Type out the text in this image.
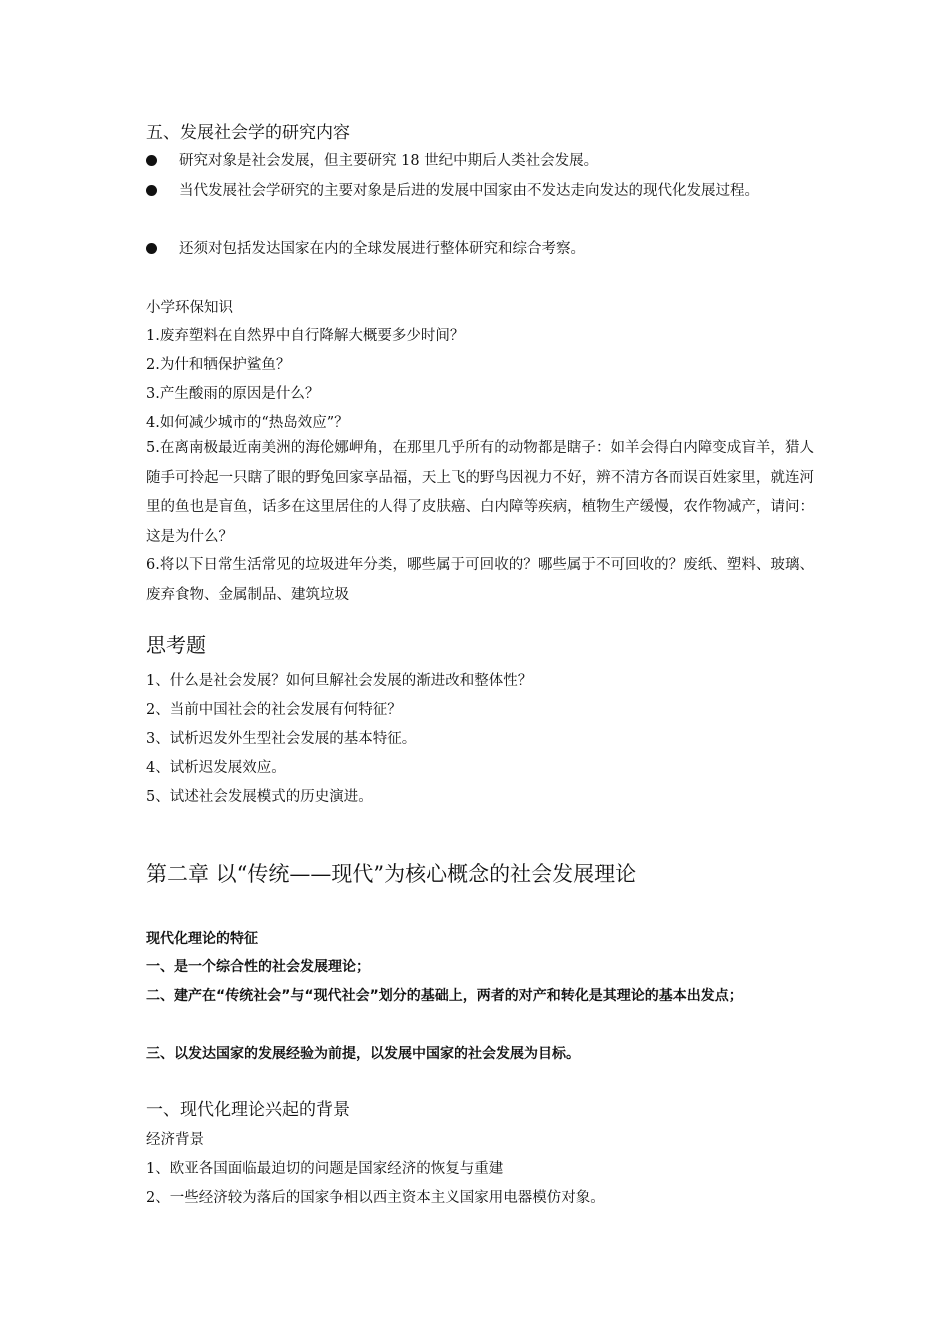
五、发展社会学的研究内容
研究对象是社会发展，但主要研究 18 世纪中期后人类社会发展。
当代发展社会学研究的主要对象是后进的发展中国家由不发达走向发达的现代化发展过程。
还须对包括发达国家在内的全球发展进行整体研究和综合考察。
小学环保知识
1.废弃塑料在自然界中自行降解大概要多少时间？
2.为什和牺保护鲨鱼？
3.产生酸雨的原因是什么？
4.如何减少城市的“热岛效应”？
5.在离南极最近南美洲的海伦娜岬角，在那里几乎所有的动物都是瞎子：如羊会得白内障变成盲羊，猎人随手可拎起一只瞎了眼的野兔回家享品福，天上飞的野鸟因视力不好，辨不清方各而误百姓家里，就连河里的鱼也是盲鱼，话多在这里居住的人得了皮肤癌、白内障等疾病，植物生产缓慢，农作物减产，请问：这是为什么？
6.将以下日常生活常见的垃圾进年分类，哪些属于可回收的？哪些属于不可回收的？废纸、塑料、玻璃、废弃食物、金属制品、建筑垃圾
思考题
1、什么是社会发展？如何旦解社会发展的渐进改和整体性？
2、当前中国社会的社会发展有何特征？
3、试析迟发外生型社会发展的基本特征。
4、试析迟发展效应。
5、试述社会发展模式的历史演进。
第二章 以“传统——现代”为核心概念的社会发展理论
现代化理论的特征
一、是一个综合性的社会发展理论；
二、建产在“传统社会”与“现代社会”划分的基础上，两者的对产和转化是其理论的基本出发点；
三、以发达国家的发展经验为前提，以发展中国家的社会发展为目标。
一、现代化理论兴起的背景
经济背景
1、欧亚各国面临最迫切的问题是国家经济的恢复与重建
2、一些经济较为落后的国家争相以西主资本主义国家用电器模仿对象。
